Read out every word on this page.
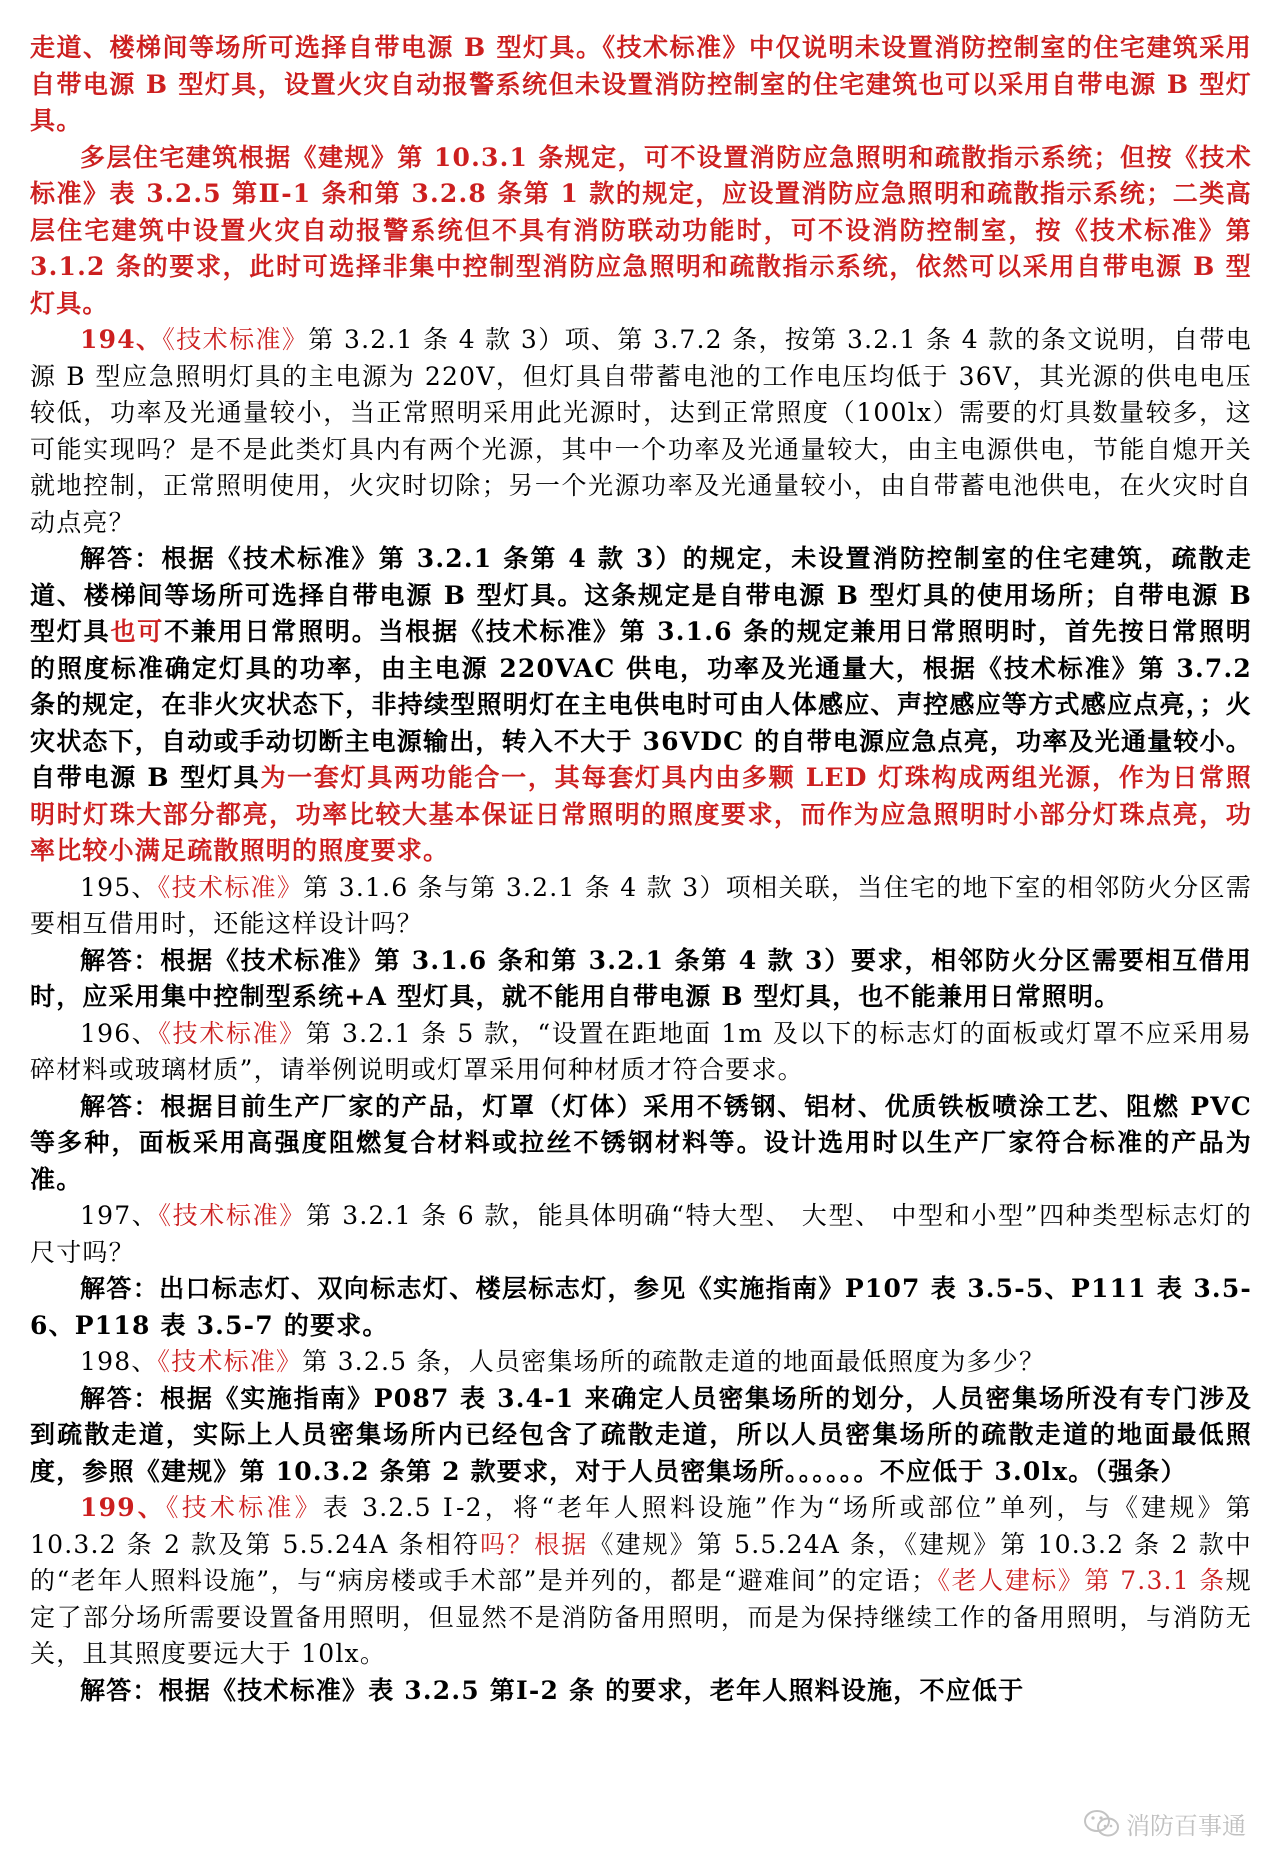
走道、楼梯间等场所可选择自带电源 B 型灯具。《技术标准》中仅说明未设置消防控制室的住宅建筑采用自带电源 B 型灯具，设置火灾自动报警系统但未设置消防控制室的住宅建筑也可以采用自带电源 B 型灯具。

多层住宅建筑根据《建规》第 10.3.1 条规定，可不设置消防应急照明和疏散指示系统；但按《技术标准》表 3.2.5 第Ⅱ-1 条和第 3.2.8 条第 1 款的规定，应设置消防应急照明和疏散指示系统；二类高层住宅建筑中设置火灾自动报警系统但不具有消防联动功能时，可不设消防控制室，按《技术标准》第 3.1.2 条的要求，此时可选择非集中控制型消防应急照明和疏散指示系统，依然可以采用自带电源 B 型灯具。

194、《技术标准》第 3.2.1 条 4 款 3）项、第 3.7.2 条，按第 3.2.1 条 4 款的条文说明，自带电源 B 型应急照明灯具的主电源为 220V，但灯具自带蓄电池的工作电压均低于 36V，其光源的供电电压较低，功率及光通量较小，当正常照明采用此光源时，达到正常照度（100lx）需要的灯具数量较多，这可能实现吗？是不是此类灯具内有两个光源，其中一个功率及光通量较大，由主电源供电，节能自熄开关就地控制，正常照明使用，火灾时切除；另一个光源功率及光通量较小，由自带蓄电池供电，在火灾时自动点亮？

解答：根据《技术标准》第 3.2.1 条第 4 款 3）的规定，未设置消防控制室的住宅建筑，疏散走道、楼梯间等场所可选择自带电源 B 型灯具。这条规定是自带电源 B 型灯具的使用场所；自带电源 B 型灯具也可不兼用日常照明。当根据《技术标准》第 3.1.6 条的规定兼用日常照明时，首先按日常照明的照度标准确定灯具的功率，由主电源 220VAC 供电，功率及光通量大，根据《技术标准》第 3.7.2 条的规定，在非火灾状态下，非持续型照明灯在主电供电时可由人体感应、声控感应等方式感应点亮，；火灾状态下，自动或手动切断主电源输出，转入不大于 36VDC 的自带电源应急点亮，功率及光通量较小。自带电源 B 型灯具为一套灯具两功能合一，其每套灯具内由多颗 LED 灯珠构成两组光源，作为日常照明时灯珠大部分都亮，功率比较大基本保证日常照明的照度要求，而作为应急照明时小部分灯珠点亮，功率比较小满足疏散照明的照度要求。

195、《技术标准》第 3.1.6 条与第 3.2.1 条 4 款 3）项相关联，当住宅的地下室的相邻防火分区需要相互借用时，还能这样设计吗？

解答：根据《技术标准》第 3.1.6 条和第 3.2.1 条第 4 款 3）要求，相邻防火分区需要相互借用时，应采用集中控制型系统+A 型灯具，就不能用自带电源 B 型灯具，也不能兼用日常照明。

196、《技术标准》第 3.2.1 条 5 款，“设置在距地面 1m 及以下的标志灯的面板或灯罩不应采用易碎材料或玻璃材质”，请举例说明或灯罩采用何种材质才符合要求。

解答：根据目前生产厂家的产品，灯罩（灯体）采用不锈钢、铝材、优质铁板喷涂工艺、阻燃 PVC 等多种，面板采用高强度阻燃复合材料或拉丝不锈钢材料等。设计选用时以生产厂家符合标准的产品为准。

197、《技术标准》第 3.2.1 条 6 款，能具体明确“特大型、 大型、 中型和小型”四种类型标志灯的尺寸吗？

解答：出口标志灯、双向标志灯、楼层标志灯，参见《实施指南》P107 表 3.5-5、P111 表 3.5-6、P118 表 3.5-7 的要求。

198、《技术标准》第 3.2.5 条，人员密集场所的疏散走道的地面最低照度为多少？

解答：根据《实施指南》P087 表 3.4-1 来确定人员密集场所的划分，人员密集场所没有专门涉及到疏散走道，实际上人员密集场所内已经包含了疏散走道，所以人员密集场所的疏散走道的地面最低照度，参照《建规》第 10.3.2 条第 2 款要求，对于人员密集场所。。。。。。不应低于 3.0lx。（强条）

199、《技术标准》表 3.2.5 Ⅰ-2，将“老年人照料设施”作为“场所或部位”单列，与《建规》第 10.3.2 条 2 款及第 5.5.24A 条相符吗？根据《建规》第 5.5.24A 条，《建规》第 10.3.2 条 2 款中的“老年人照料设施”，与“病房楼或手术部”是并列的，都是“避难间”的定语；《老人建标》第 7.3.1 条规定了部分场所需要设置备用照明，但显然不是消防备用照明，而是为保持继续工作的备用照明，与消防无关，且其照度要远大于 10lx。

解答：根据《技术标准》表 3.2.5 第Ⅰ-2 条 的要求，老年人照料设施，不应低于

消防百事通
